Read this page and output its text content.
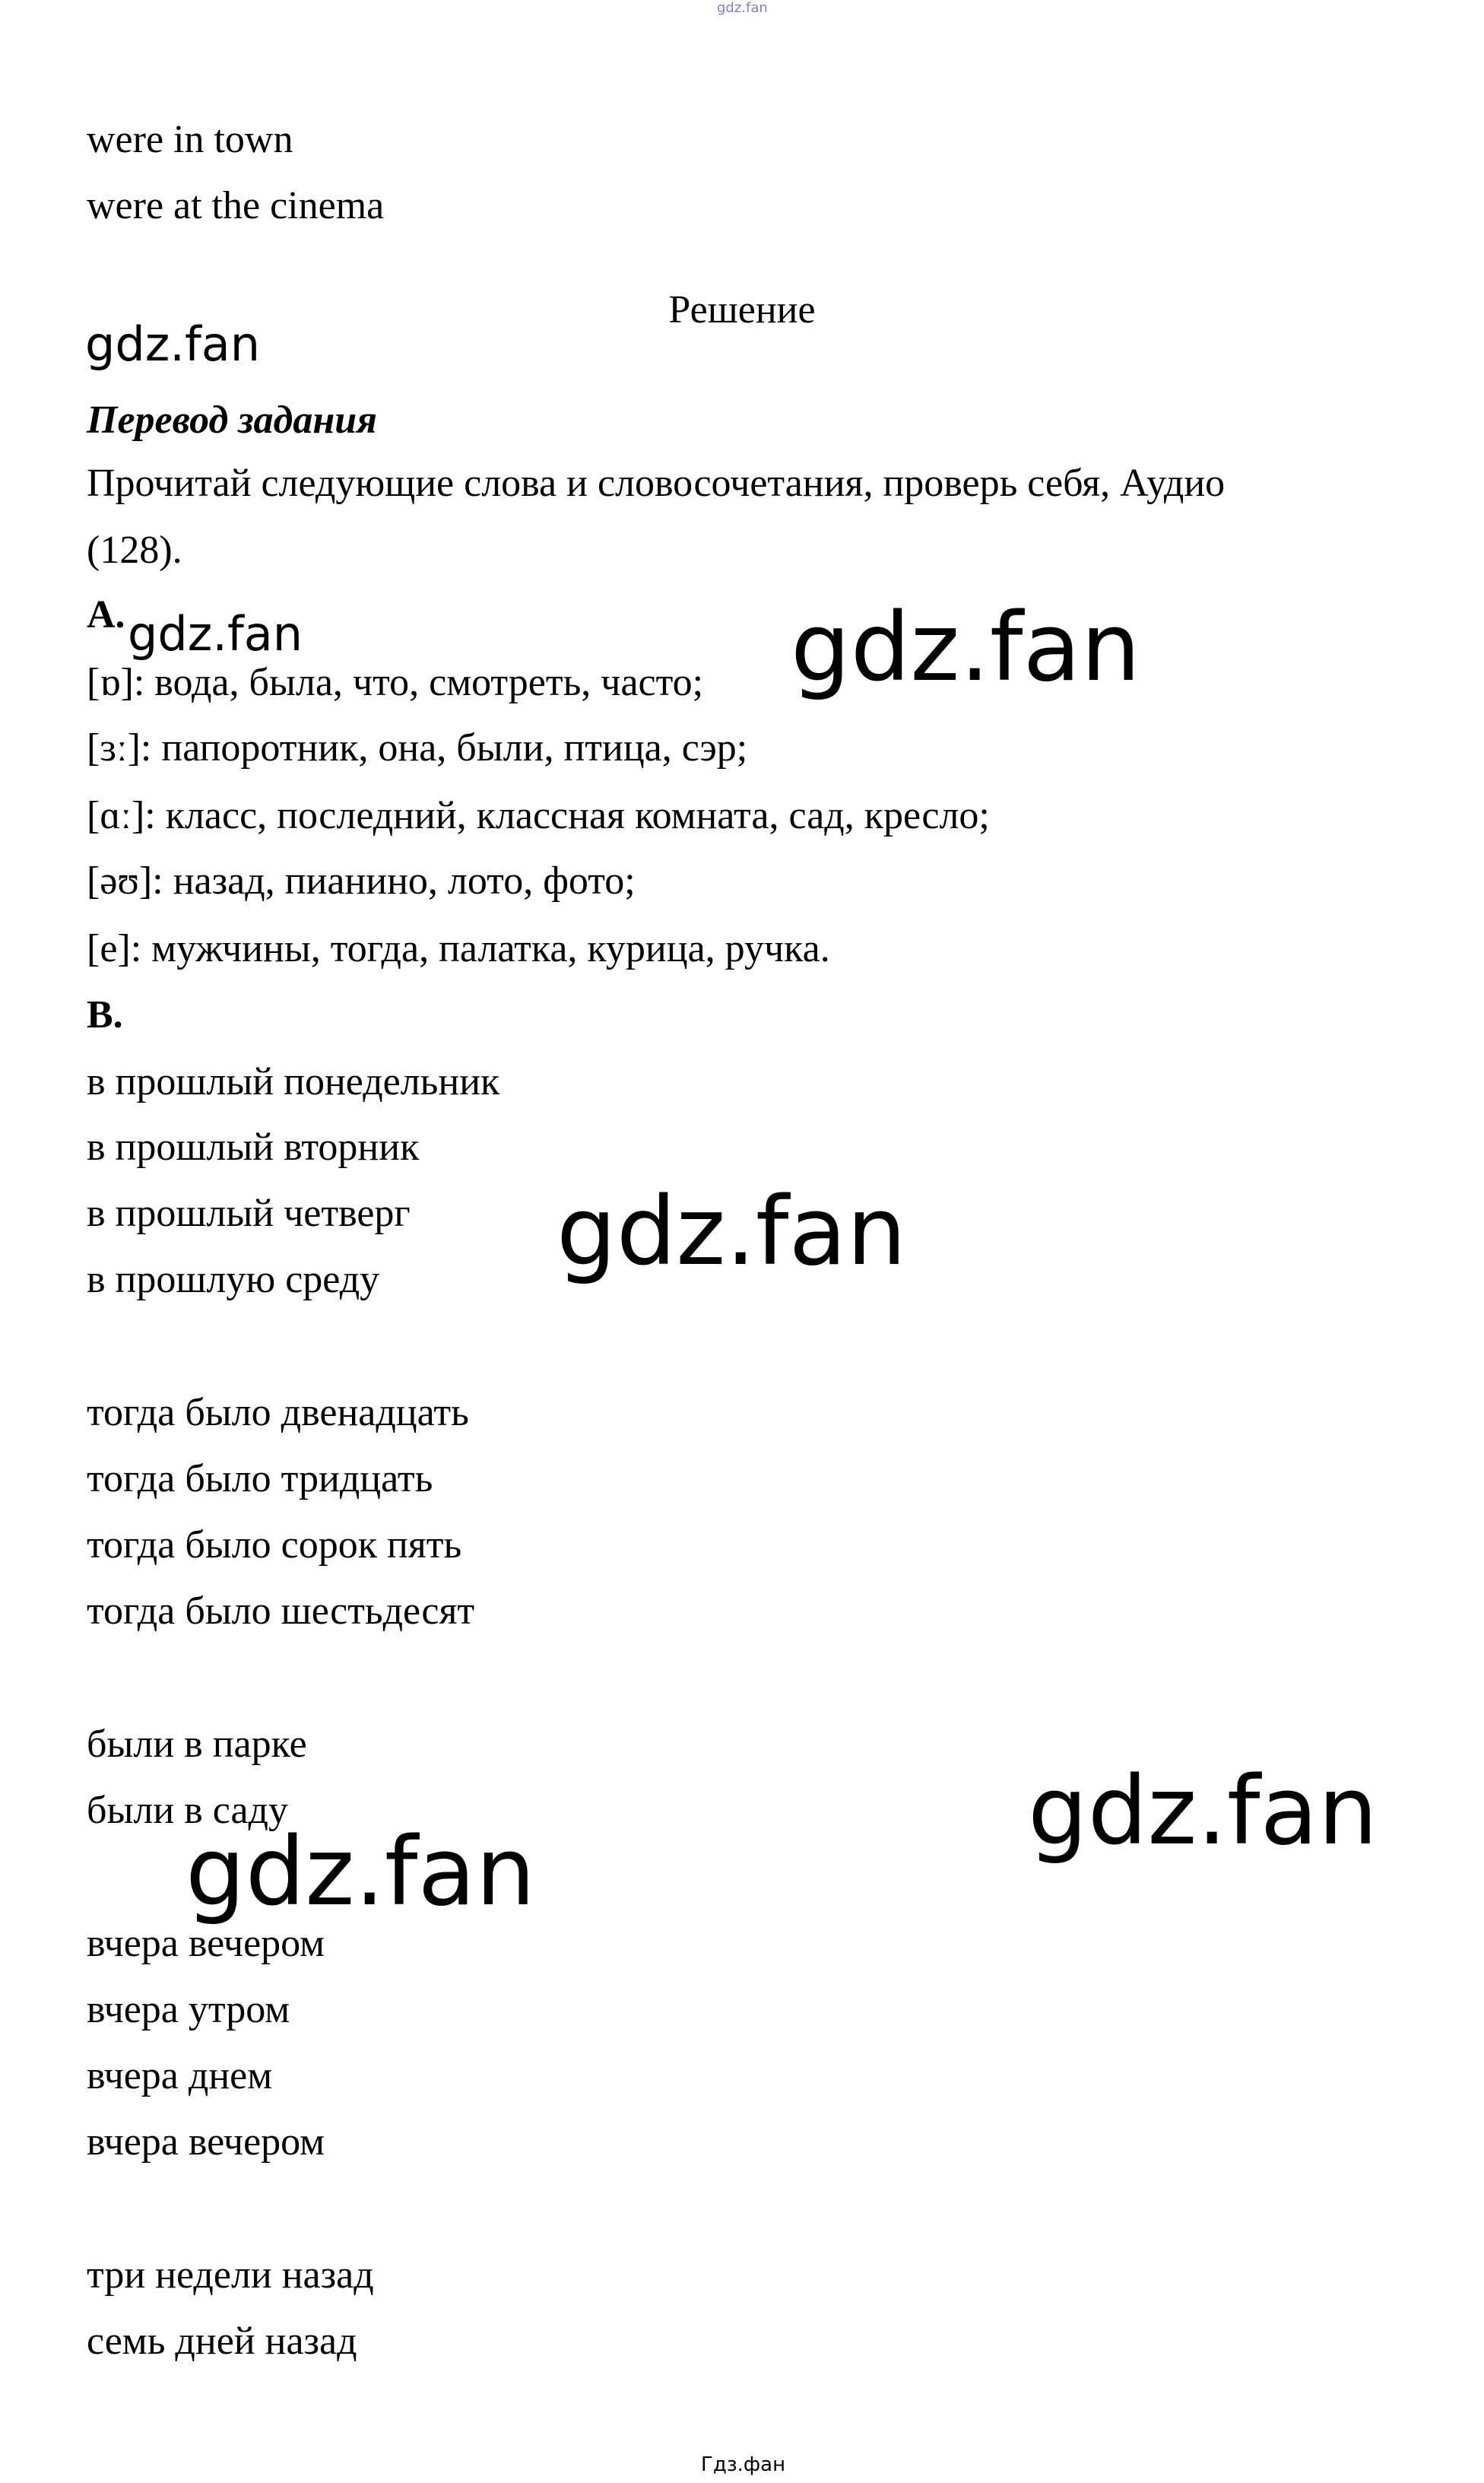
gdz.fan
were in town
were at the cinema
Решение
gdz.fan
Перевод задания
Прочитай следующие слова и словосочетания, проверь себя, Аудио
(128).
A. gdz.fan	gdz.fan
[ɒ]: вода, была, что, смотреть, часто;
[ɜː]: папоротник, она, были, птица, сэр;
[ɑː]: класс, последний, классная комната, сад, кресло;
[əʊ]: назад, пианино, лото, фото;
[e]: мужчины, тогда, палатка, курица, ручка.
B.
в прошлый понедельник
в прошлый вторник
в прошлый четверг
в прошлую среду gdz.fan
тогда было двенадцать
тогда было тридцать
тогда было сорок пять
тогда было шестьдесят
были в парке
были в саду	gdz.fan
gdz.fan
вчера вечером
вчера утром
вчера днем
вчера вечером
три недели назад
семь дней назад
Гдз.фан
